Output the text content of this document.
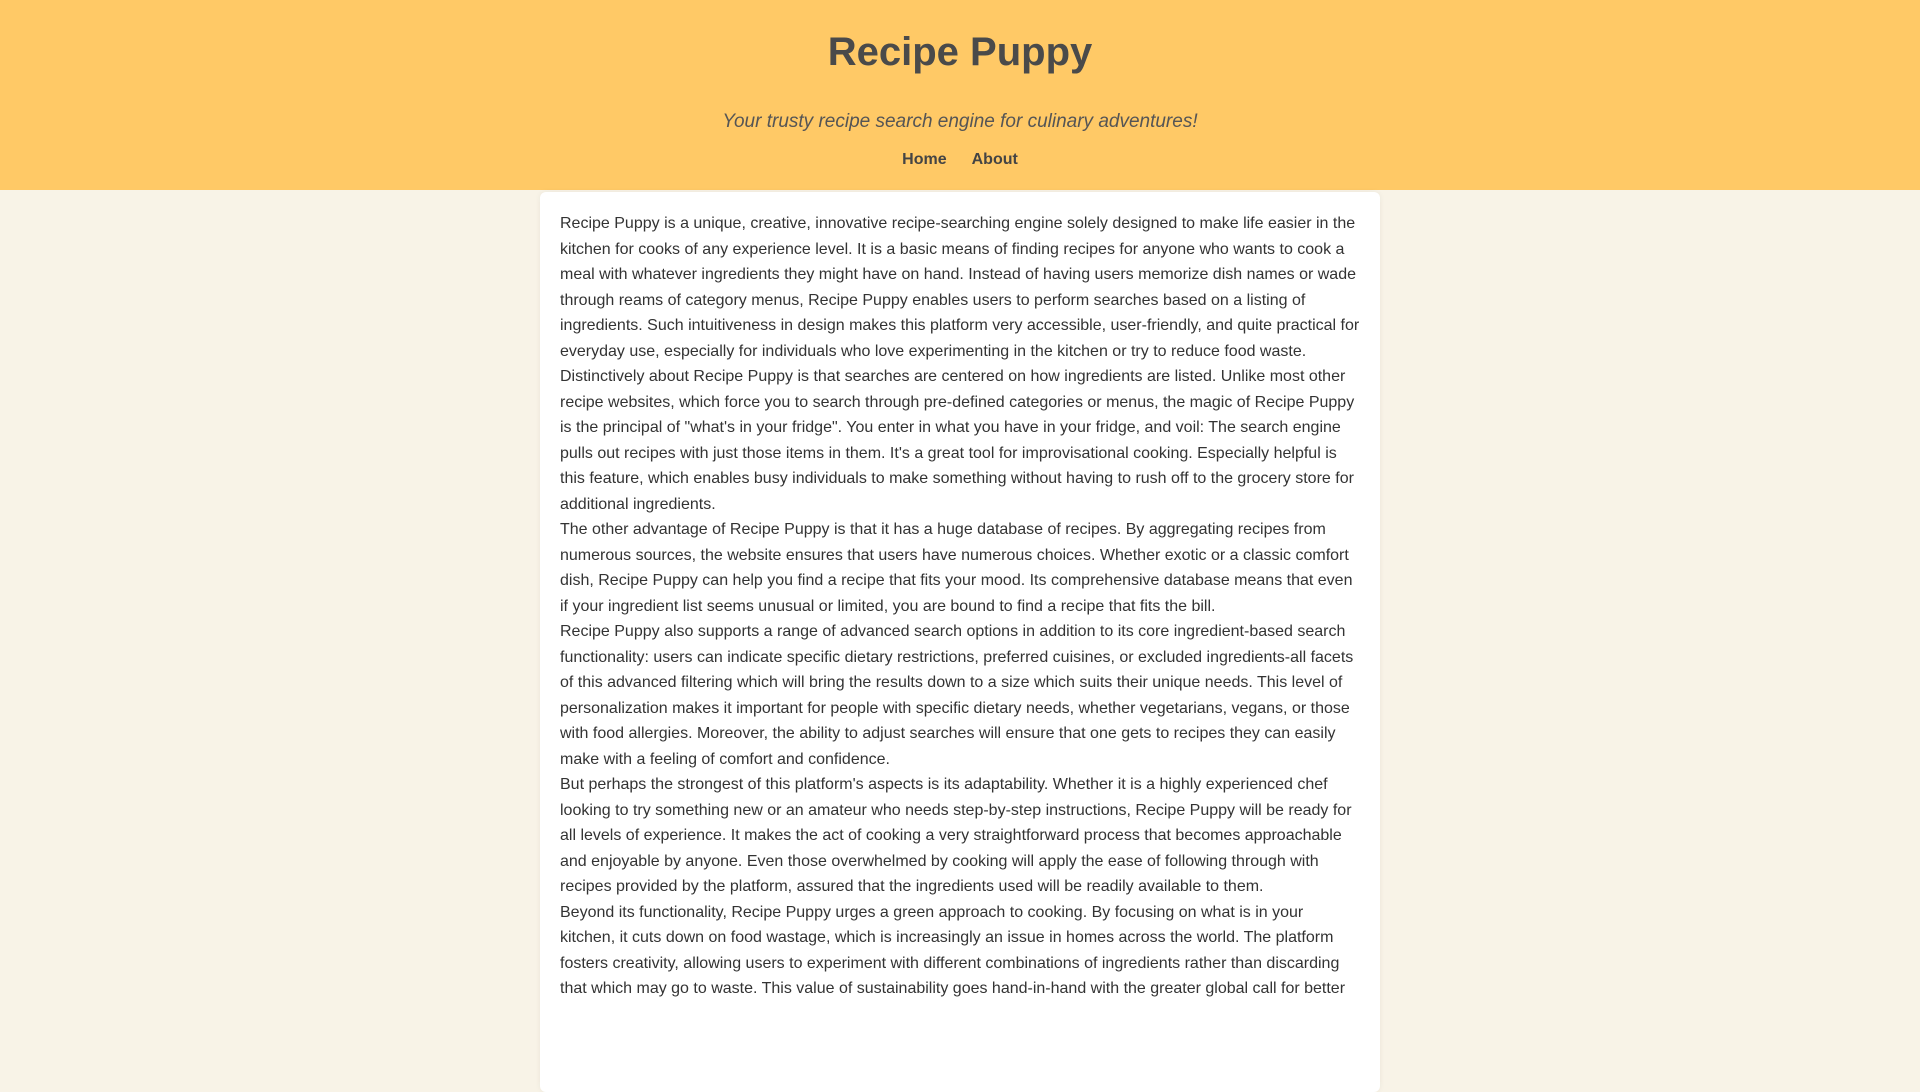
Recipe Puppy

Your trusty recipe search engine for culinary adventures!

Home About

Recipe Puppy is a unique, creative, innovative recipe-searching engine solely designed to make life easier in the kitchen for cooks of any experience level. It is a basic means of finding recipes for anyone who wants to cook a meal with whatever ingredients they might have on hand. Instead of having users memorize dish names or wade through reams of category menus, Recipe Puppy enables users to perform searches based on a listing of ingredients. Such intuitiveness in design makes this platform very accessible, user-friendly, and quite practical for everyday use, especially for individuals who love experimenting in the kitchen or try to reduce food waste.

Distinctively about Recipe Puppy is that searches are centered on how ingredients are listed. Unlike most other recipe websites, which force you to search through pre-defined categories or menus, the magic of Recipe Puppy is the principal of "what's in your fridge". You enter in what you have in your fridge, and voil: The search engine pulls out recipes with just those items in them. It's a great tool for improvisational cooking. Especially helpful is this feature, which enables busy individuals to make something without having to rush off to the grocery store for additional ingredients.

The other advantage of Recipe Puppy is that it has a huge database of recipes. By aggregating recipes from numerous sources, the website ensures that users have numerous choices. Whether exotic or a classic comfort dish, Recipe Puppy can help you find a recipe that fits your mood. Its comprehensive database means that even if your ingredient list seems unusual or limited, you are bound to find a recipe that fits the bill.

Recipe Puppy also supports a range of advanced search options in addition to its core ingredient-based search functionality: users can indicate specific dietary restrictions, preferred cuisines, or excluded ingredients-all facets of this advanced filtering which will bring the results down to a size which suits their unique needs. This level of personalization makes it important for people with specific dietary needs, whether vegetarians, vegans, or those with food allergies. Moreover, the ability to adjust searches will ensure that one gets to recipes they can easily make with a feeling of comfort and confidence.

But perhaps the strongest of this platform's aspects is its adaptability. Whether it is a highly experienced chef looking to try something new or an amateur who needs step-by-step instructions, Recipe Puppy will be ready for all levels of experience. It makes the act of cooking a very straightforward process that becomes approachable and enjoyable by anyone. Even those overwhelmed by cooking will apply the ease of following through with recipes provided by the platform, assured that the ingredients used will be readily available to them.

Beyond its functionality, Recipe Puppy urges a green approach to cooking. By focusing on what is in your kitchen, it cuts down on food wastage, which is increasingly an issue in homes across the world. The platform fosters creativity, allowing users to experiment with different combinations of ingredients rather than discarding that which may go to waste. This value of sustainability goes hand-in-hand with the greater global call for better
